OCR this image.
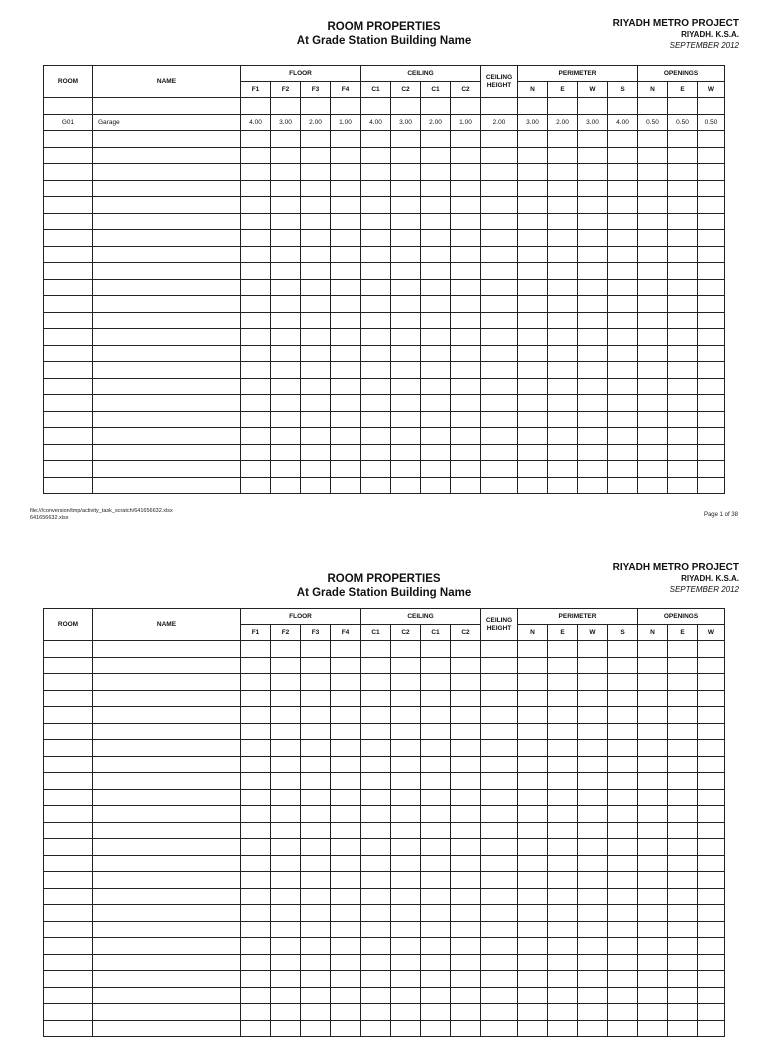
ROOM PROPERTIES
At Grade Station Building Name
RIYADH METRO PROJECT
RIYADH. K.S.A.
SEPTEMBER 2012
ROOM	NAME	FLOOR				CEILING				CEILING HEIGHT	PERIMETER				OPENINGS		
		F1	F2	F3	F4	C1	C2	C1	C2		N	E	W	S	N	E	W

G01	Garage	4.00	3.00	2.00	1.00	4.00	3.00	2.00	1.00	2.00	3.00	2.00	3.00	4.00	0.50	0.50	0.50

file:///conversion/tmp/activity_task_scratch/641656632.xlsx
641656632.xlsx	Page 1 of 38
ROOM PROPERTIES
At Grade Station Building Name
RIYADH METRO PROJECT
RIYADH. K.S.A.
SEPTEMBER 2012
ROOM	NAME	FLOOR				CEILING				CEILING HEIGHT	PERIMETER				OPENINGS		
		F1	F2	F3	F4	C1	C2	C1	C2		N	E	W	S	N	E	W
